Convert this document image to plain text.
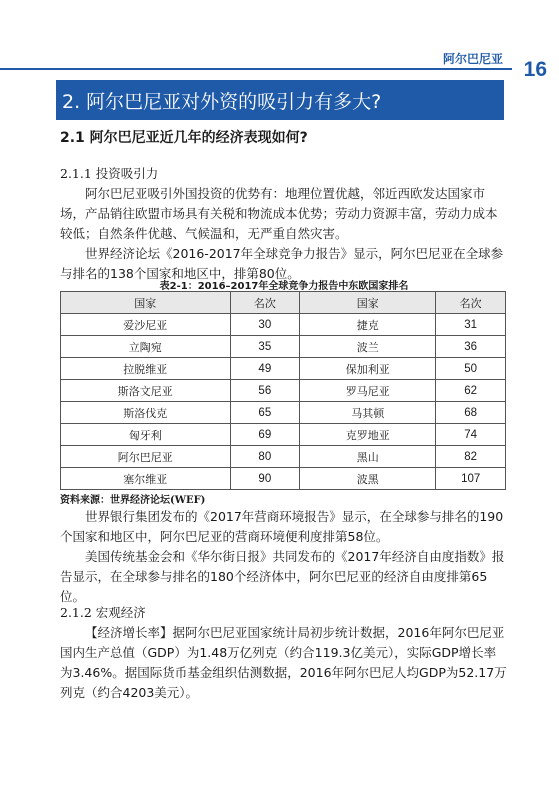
阿尔巴尼亚 16
2. 阿尔巴尼亚对外资的吸引力有多大?
2.1 阿尔巴尼亚近几年的经济表现如何?
2.1.1 投资吸引力

阿尔巴尼亚吸引外国投资的优势有：地理位置优越，邻近西欧发达国家市场，产品销往欧盟市场具有关税和物流成本优势；劳动力资源丰富，劳动力成本较低；自然条件优越、气候温和，无严重自然灾害。

世界经济论坛《2016-2017年全球竞争力报告》显示，阿尔巴尼亚在全球参与排名的138个国家和地区中，排第80位。

表2-1：2016–2017年全球竞争力报告中东欧国家排名
国家	名次	国家	名次
爱沙尼亚	30	捷克	31
立陶宛	35	波兰	36
拉脱维亚	49	保加利亚	50
斯洛文尼亚	56	罗马尼亚	62
斯洛伐克	65	马其顿	68
匈牙利	69	克罗地亚	74
阿尔巴尼亚	80	黑山	82
塞尔维亚	90	波黑	107
资料来源：世界经济论坛(WEF)

世界银行集团发布的《2017年营商环境报告》显示，在全球参与排名的190个国家和地区中，阿尔巴尼亚的营商环境便利度排第58位。

美国传统基金会和《华尔街日报》共同发布的《2017年经济自由度指数》报告显示，在全球参与排名的180个经济体中，阿尔巴尼亚的经济自由度排第65位。

2.1.2 宏观经济

【经济增长率】据阿尔巴尼亚国家统计局初步统计数据，2016年阿尔巴尼亚国内生产总值（GDP）为1.48万亿列克（约合119.3亿美元），实际GDP增长率为3.46%。据国际货币基金组织估测数据，2016年阿尔巴尼人均GDP为52.17万列克（约合4203美元）。
